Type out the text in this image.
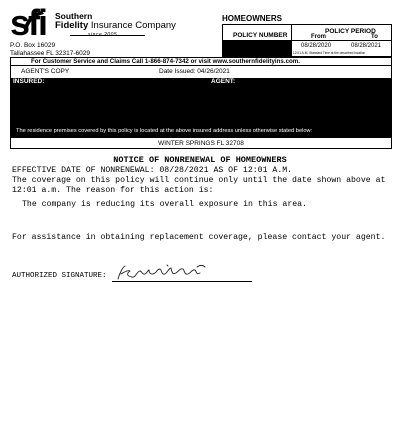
sfi Southern
Fidelity Insurance Company
since 2005
P.O. Box 16029
Tallahassee FL 32317-6029
HOMEOWNERS
POLICY NUMBER
POLICY PERIOD
From	To
08/28/2020	08/28/2021
12:01 A.M. Standard Time at the described location
For Customer Service and Claims Call 1-866-874-7342 or visit www.southernfidelityins.com.
AGENT'S COPY	Date Issued: 04/26/2021
INSURED:	AGENT:
The residence premises covered by this policy is located at the above insured address unless otherwise stated below:
WINTER SPRINGS FL 32708
NOTICE OF NONRENEWAL OF HOMEOWNERS
EFFECTIVE DATE OF NONRENEWAL: 08/28/2021 AS OF 12:01 A.M.
The coverage on this policy will continue only until the date shown above at 12:01 a.m. The reason for this action is:
The company is reducing its overall exposure in this area.
For assistance in obtaining replacement coverage, please contact your agent.
AUTHORIZED SIGNATURE:
